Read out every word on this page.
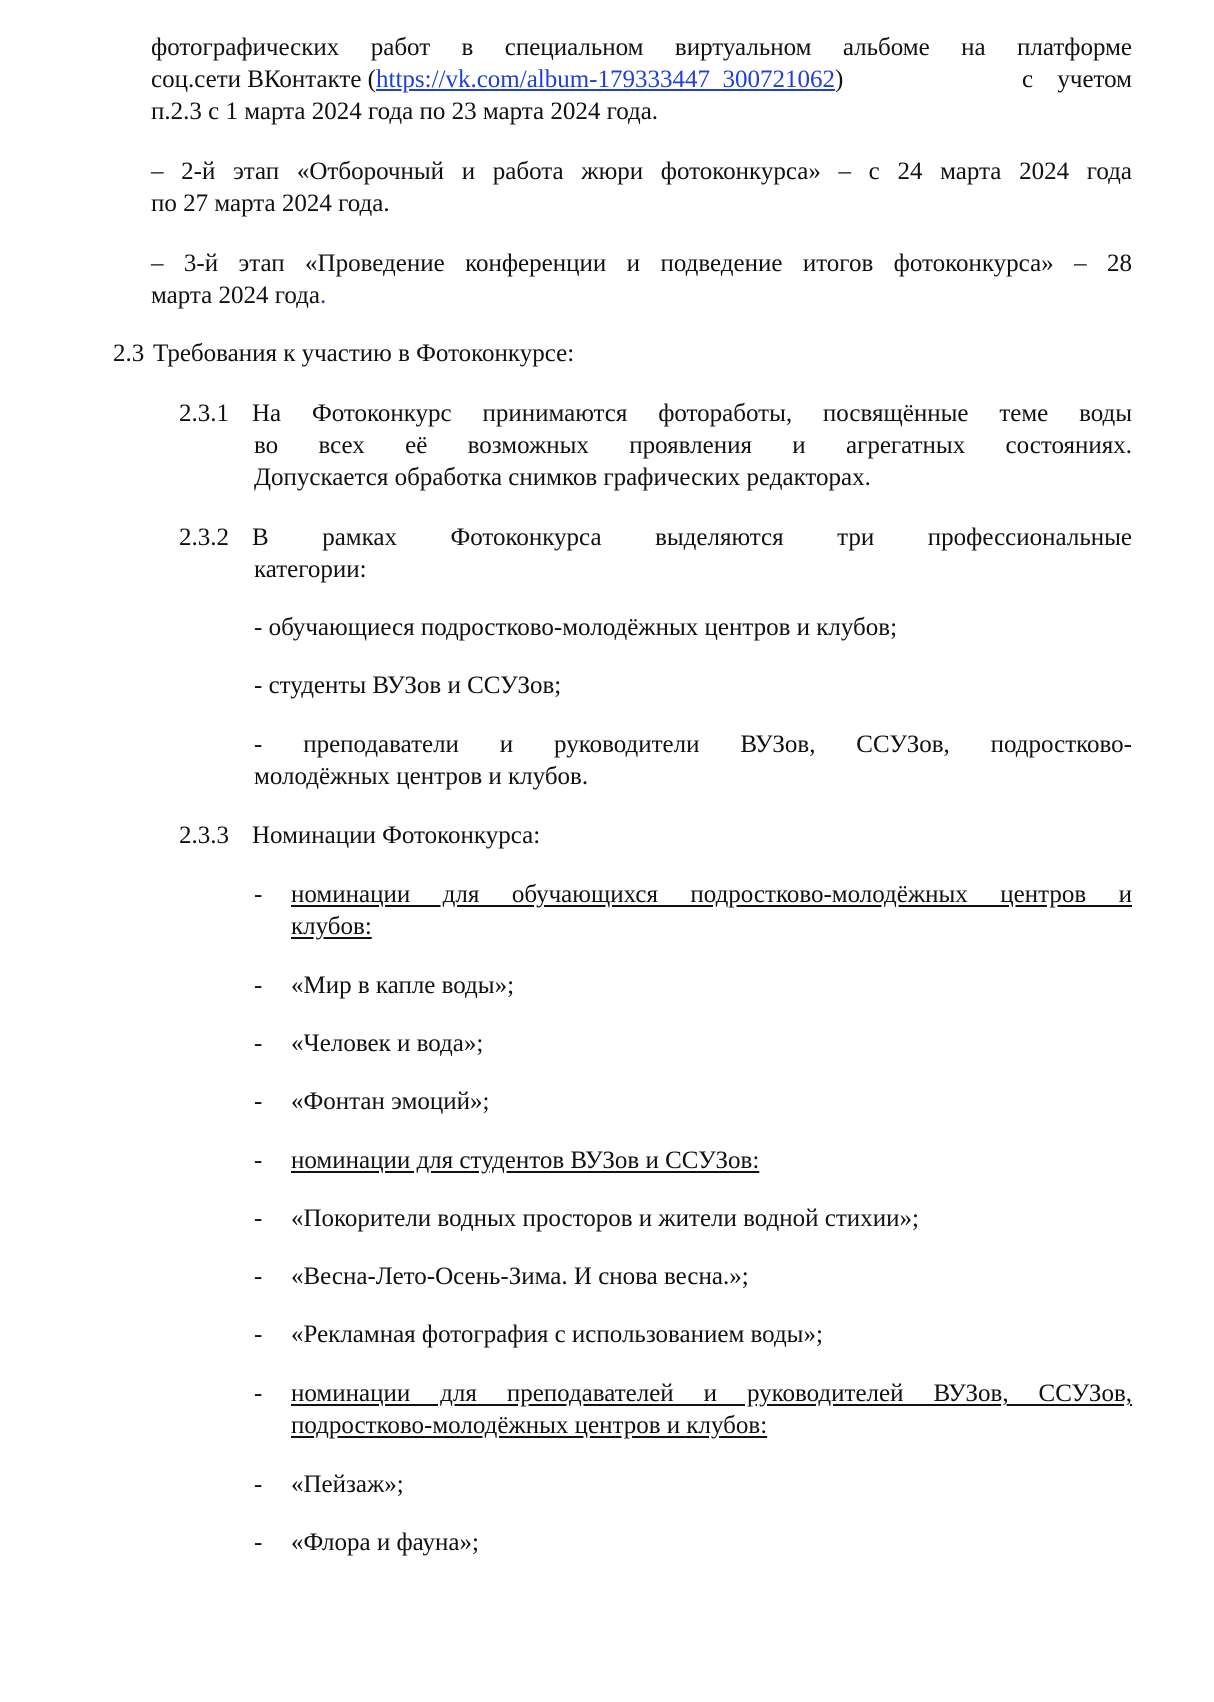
фотографических работ в специальном виртуальном альбоме на платформе
соц.сети ВКонтакте (https://vk.com/album-179333447_300721062)	с учетом
п.2.3 с 1 марта 2024 года по 23 марта 2024 года.
– 2-й этап «Отборочный и работа жюри фотоконкурса» – с 24 марта 2024 года
по 27 марта 2024 года.
– 3-й этап «Проведение конференции и подведение итогов фотоконкурса» – 28
марта 2024 года.
2.3 Требования к участию в Фотоконкурсе:
2.3.1 На Фотоконкурс принимаются фотоработы, посвящённые теме воды
во всех её возможных проявления и агрегатных состояниях.
Допускается обработка снимков графических редакторах.
2.3.2 В рамках Фотоконкурса выделяются три профессиональные
категории:
- обучающиеся подростково-молодёжных центров и клубов;
- студенты ВУЗов и ССУЗов;
- преподаватели и руководители ВУЗов, ССУЗов, подростково-
молодёжных центров и клубов.
2.3.3 Номинации Фотоконкурса:
- номинации для обучающихся подростково-молодёжных центров и
клубов:
- «Мир в капле воды»;
- «Человек и вода»;
- «Фонтан эмоций»;
- номинации для студентов ВУЗов и ССУЗов:
- «Покорители водных просторов и жители водной стихии»;
- «Весна-Лето-Осень-Зима. И снова весна.»;
- «Рекламная фотография с использованием воды»;
- номинации для преподавателей и руководителей ВУЗов, ССУЗов,
подростково-молодёжных центров и клубов:
- «Пейзаж»;
- «Флора и фауна»;
